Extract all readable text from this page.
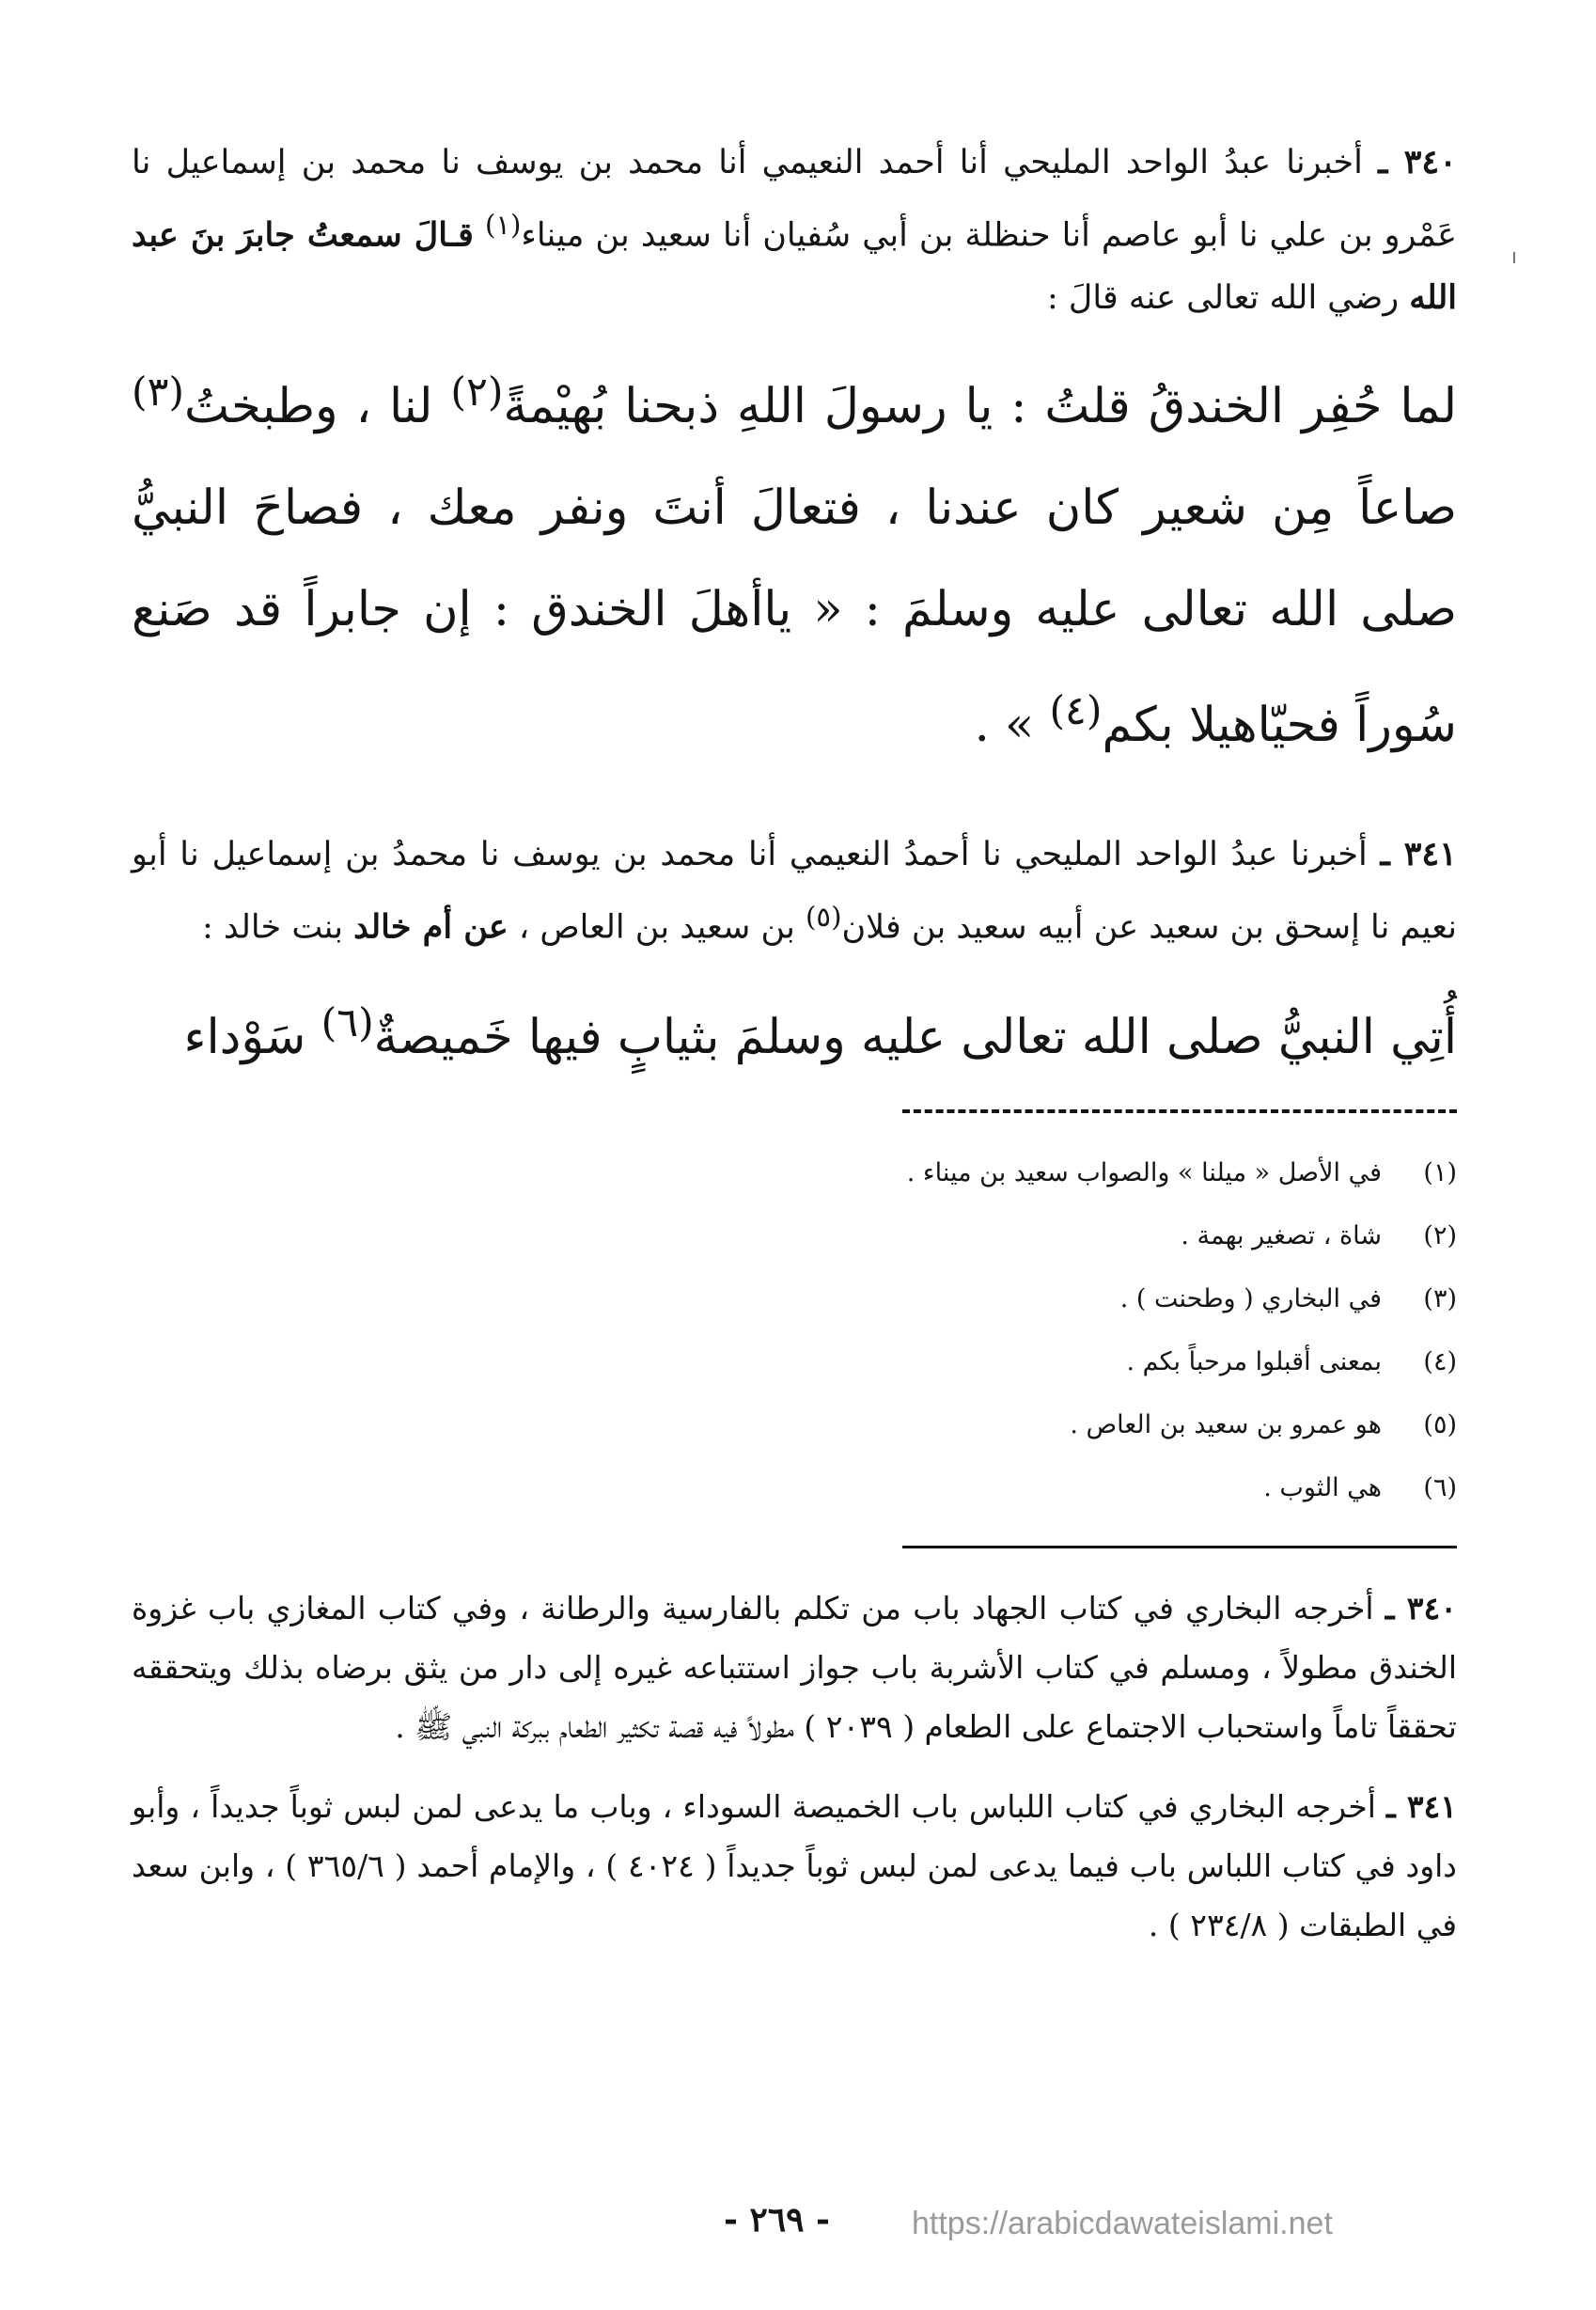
٣٤٠ ـ أخبرنا عبدُ الواحد المليحي أنا أحمد النعيمي أنا محمد بن يوسف نا محمد بن إسماعيل نا عَمْرو بن علي نا أبو عاصم أنا حنظلة بن أبي سُفيان أنا سعيد بن ميناء$^{(١)}$ قـالَ سمعتُ جابرَ بنَ عبد الله رضي الله تعالى عنه قالَ :

لما حُفِر الخندقُ قلتُ : يا رسولَ اللهِ ذبحنا بُهيْمةً$^{(٢)}$ لنا ، وطبختُ$^{(٣)}$ صاعاً مِن شعير كان عندنا ، فتعالَ أنتَ ونفر معك ، فصاحَ النبيُّ صلى الله تعالى عليه وسلمَ : « ياأهلَ الخندق : إن جابراً قد صَنع سُوراً فحيّاهيلا بكم$^{(٤)}$ » .

٣٤١ ـ أخبرنا عبدُ الواحد المليحي نا أحمدُ النعيمي أنا محمد بن يوسف نا محمدُ بن إسماعيل نا أبو نعيم نا إسحق بن سعيد عن أبيه سعيد بن فلان$^{(٥)}$ بن سعيد بن العاص ، عن أم خالد بنت خالد :

أُتِي النبيُّ صلى الله تعالى عليه وسلمَ بثيابٍ فيها خَميصةٌ$^{(٦)}$ سَوْداء

(١)
في الأصل « ميلنا » والصواب سعيد بن ميناء .
(٢)
شاة ، تصغير بهمة .
(٣)
في البخاري ( وطحنت ) .
(٤)
بمعنى أقبلوا مرحباً بكم .
(٥)
هو عمرو بن سعيد بن العاص .
(٦)
هي الثوب .

٣٤٠ ـ أخرجه البخاري في كتاب الجهاد باب من تكلم بالفارسية والرطانة ، وفي كتاب المغازي باب غزوة الخندق مطولاً ، ومسلم في كتاب الأشربة باب جواز استتباعه غيره إلى دار من يثق برضاه بذلك ويتحققه تحققاً تاماً واستحباب الاجتماع على الطعام ( ٢٠٣٩ ) مطولاً فيه قصة تكثير الطعام ببركة النبي ﷺ .

٣٤١ ـ أخرجه البخاري في كتاب اللباس باب الخميصة السوداء ، وباب ما يدعى لمن لبس ثوباً جديداً ، وأبو داود في كتاب اللباس باب فيما يدعى لمن لبس ثوباً جديداً ( ٤٠٢٤ ) ، والإمام أحمد ( ٣٦٥/٦ ) ، وابن سعد في الطبقات ( ٢٣٤/٨ ) .

- ٢٦٩ -	https://arabicdawateislami.net
